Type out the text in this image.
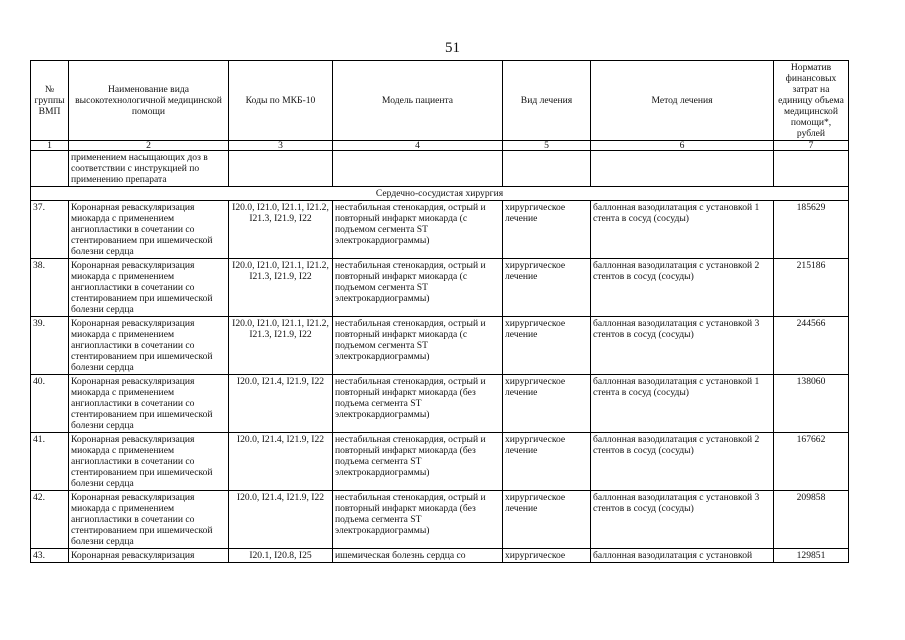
51
№ группы ВМП	Наименование вида высокотехнологичной медицинской помощи	Коды по МКБ-10	Модель пациента	Вид лечения	Метод лечения	Норматив финансовых затрат на единицу объема медицинской помощи*, рублей
1	2	3	4	5	6	7
	применением насыщающих доз в соответствии с инструкцией по применению препарата					
Сердечно-сосудистая хирургия						
37.	Коронарная реваскуляризация миокарда с применением ангиопластики в сочетании со стентированием при ишемической болезни сердца	I20.0, I21.0, I21.1, I21.2, I21.3, I21.9, I22	нестабильная стенокардия, острый и повторный инфаркт миокарда (с подъемом сегмента ST электрокардиограммы)	хирургическое лечение	баллонная вазодилатация с установкой 1 стента в сосуд (сосуды)	185629
38.	Коронарная реваскуляризация миокарда с применением ангиопластики в сочетании со стентированием при ишемической болезни сердца	I20.0, I21.0, I21.1, I21.2, I21.3, I21.9, I22	нестабильная стенокардия, острый и повторный инфаркт миокарда (с подъемом сегмента ST электрокардиограммы)	хирургическое лечение	баллонная вазодилатация с установкой 2 стентов в сосуд (сосуды)	215186
39.	Коронарная реваскуляризация миокарда с применением ангиопластики в сочетании со стентированием при ишемической болезни сердца	I20.0, I21.0, I21.1, I21.2, I21.3, I21.9, I22	нестабильная стенокардия, острый и повторный инфаркт миокарда (с подъемом сегмента ST электрокардиограммы)	хирургическое лечение	баллонная вазодилатация с установкой 3 стентов в сосуд (сосуды)	244566
40.	Коронарная реваскуляризация миокарда с применением ангиопластики в сочетании со стентированием при ишемической болезни сердца	I20.0, I21.4, I21.9, I22	нестабильная стенокардия, острый и повторный инфаркт миокарда (без подъема сегмента ST электрокардиограммы)	хирургическое лечение	баллонная вазодилатация с установкой 1 стента в сосуд (сосуды)	138060
41.	Коронарная реваскуляризация миокарда с применением ангиопластики в сочетании со стентированием при ишемической болезни сердца	I20.0, I21.4, I21.9, I22	нестабильная стенокардия, острый и повторный инфаркт миокарда (без подъема сегмента ST электрокардиограммы)	хирургическое лечение	баллонная вазодилатация с установкой 2 стентов в сосуд (сосуды)	167662
42.	Коронарная реваскуляризация миокарда с применением ангиопластики в сочетании со стентированием при ишемической болезни сердца	I20.0, I21.4, I21.9, I22	нестабильная стенокардия, острый и повторный инфаркт миокарда (без подъема сегмента ST электрокардиограммы)	хирургическое лечение	баллонная вазодилатация с установкой 3 стентов в сосуд (сосуды)	209858
43.	Коронарная реваскуляризация	I20.1, I20.8, I25	ишемическая болезнь сердца со	хирургическое	баллонная вазодилатация с установкой	129851
